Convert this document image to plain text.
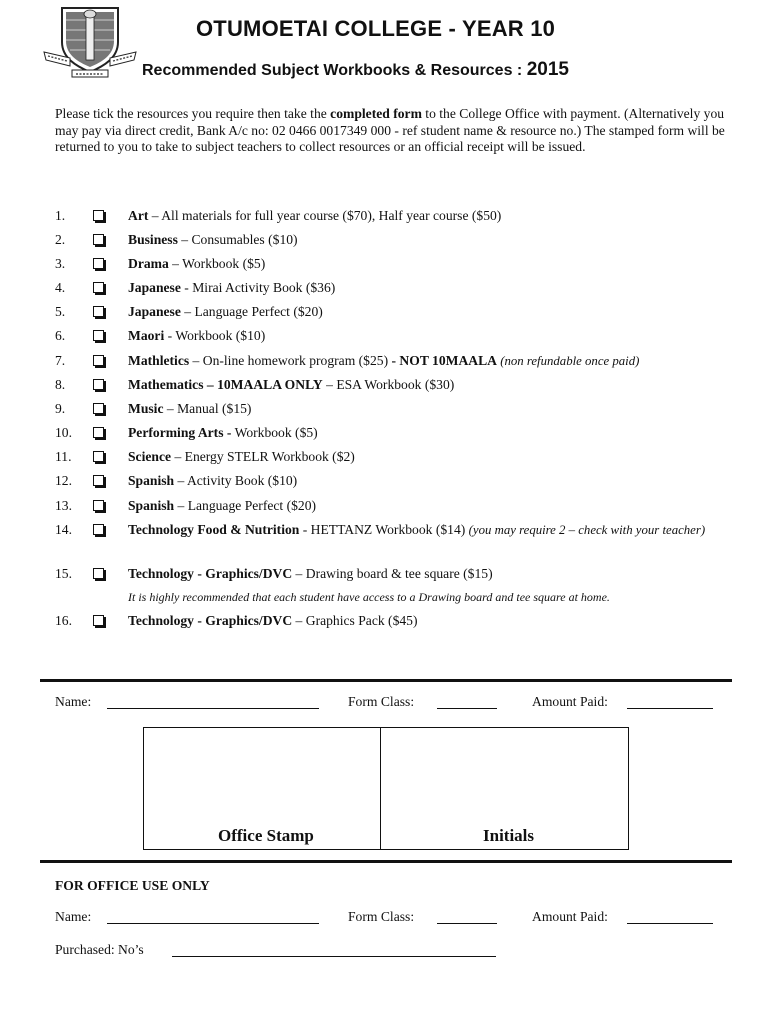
OTUMOETAI COLLEGE - YEAR 10
Recommended Subject Workbooks & Resources : 2015

Please tick the resources you require then take the completed form to the College Office with payment. (Alternatively you may pay via direct credit, Bank A/c no: 02 0466 0017349 000 - ref student name & resource no.) The stamped form will be returned to you to take to subject teachers to collect resources or an official receipt will be issued.

1.	Art – All materials for full year course ($70), Half year course ($50)
2.	Business – Consumables ($10)
3.	Drama – Workbook ($5)
4.	Japanese - Mirai Activity Book ($36)
5.	Japanese – Language Perfect ($20)
6.	Maori - Workbook ($10)
7.	Mathletics – On-line homework program ($25) - NOT 10MAALA (non refundable once paid)
8.	Mathematics – 10MAALA ONLY – ESA Workbook ($30)
9.	Music – Manual ($15)
10.	Performing Arts - Workbook ($5)
11.	Science – Energy STELR Workbook ($2)
12.	Spanish – Activity Book ($10)
13.	Spanish – Language Perfect ($20)
14.	Technology Food & Nutrition - HETTANZ Workbook ($14) (you may require 2 – check with your teacher)
15.	Technology - Graphics/DVC – Drawing board & tee square ($15)
It is highly recommended that each student have access to a Drawing board and tee square at home.
16.	Technology - Graphics/DVC – Graphics Pack ($45)
Name:	Form Class:	Amount Paid:
Office Stamp	Initials
FOR OFFICE USE ONLY
Name:	Form Class:	Amount Paid:
Purchased: No’s
